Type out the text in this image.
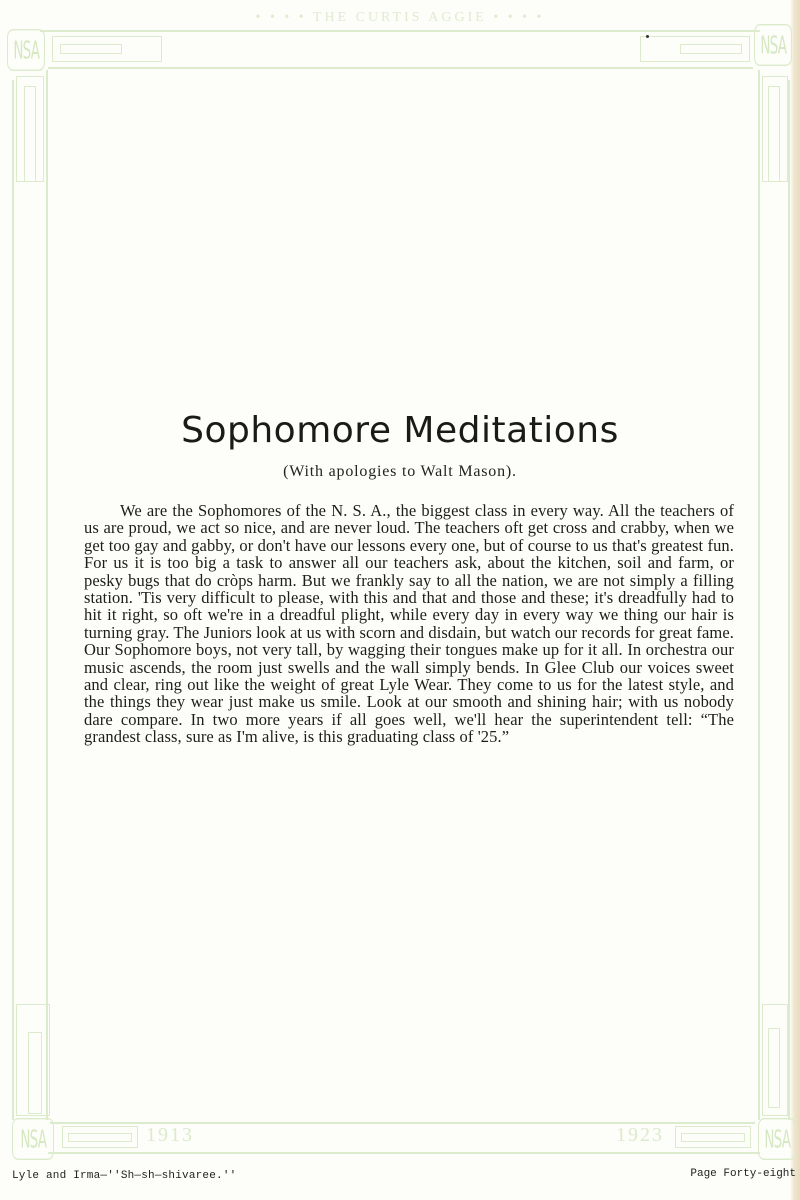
• • • • THE CURTIS AGGIE • • • •
1913	1923
NSA	NSA
NSA	NSA
Sophomore Meditations
(With apologies to Walt Mason).

We are the Sophomores of the N. S. A., the biggest class in every way. All the teachers of us are proud, we act so nice, and are never loud. The teachers oft get cross and crabby, when we get too gay and gabby, or don't have our lessons every one, but of course to us that's greatest fun. For us it is too big a task to answer all our teachers ask, about the kitchen, soil and farm, or pesky bugs that do cròps harm. But we frankly say to all the nation, we are not simply a filling station. 'Tis very difficult to please, with this and that and those and these; it's dreadfully had to hit it right, so oft we're in a dreadful plight, while every day in every way we thing our hair is turning gray. The Juniors look at us with scorn and disdain, but watch our records for great fame. Our Sophomore boys, not very tall, by wagging their tongues make up for it all. In orchestra our music ascends, the room just swells and the wall simply bends. In Glee Club our voices sweet and clear, ring out like the weight of great Lyle Wear. They come to us for the latest style, and the things they wear just make us smile. Look at our smooth and shining hair; with us nobody dare compare. In two more years if all goes well, we'll hear the superintendent tell: “The grandest class, sure as I'm alive, is this graduating class of '25.”

Lyle and Irma—''Sh—sh—shivaree.''	Page Forty-eight
